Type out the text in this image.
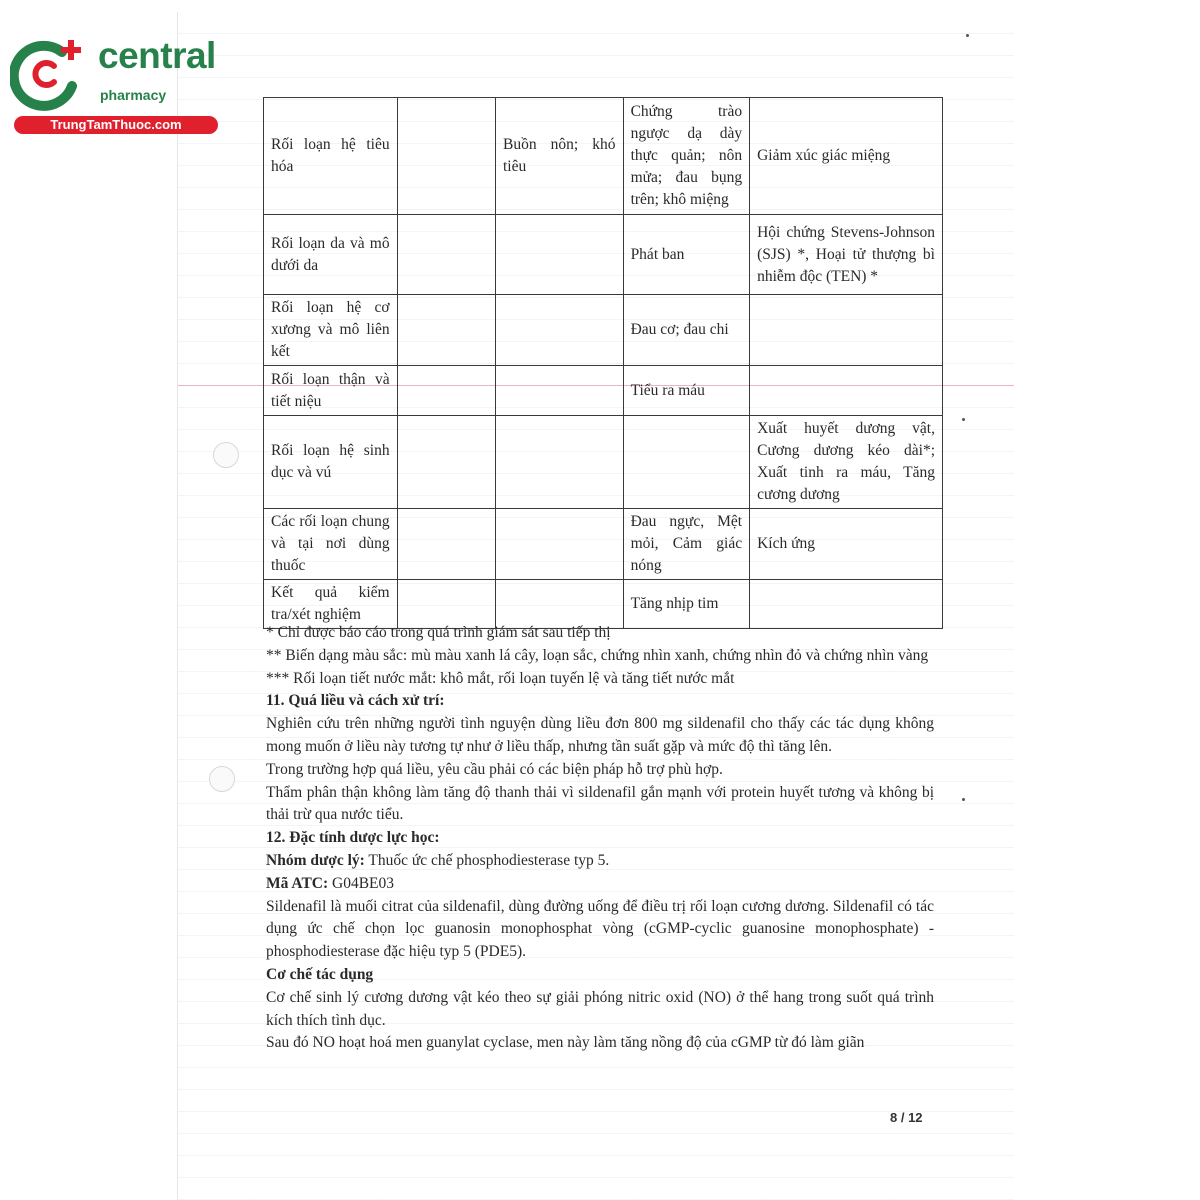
central
pharmacy
TrungTamThuoc.com
Rối loạn hệ tiêu hóa		Buồn nôn; khó tiêu	Chứng trào ngược dạ dày thực quản; nôn mửa; đau bụng trên; khô miệng	Giảm xúc giác miệng
Rối loạn da và mô dưới da			Phát ban	Hội chứng Stevens-Johnson (SJS) *, Hoại tử thượng bì nhiễm độc (TEN) *
Rối loạn hệ cơ xương và mô liên kết			Đau cơ; đau chi	
Rối loạn thận và tiết niệu			Tiểu ra máu	
Rối loạn hệ sinh dục và vú				Xuất huyết dương vật, Cương dương kéo dài*; Xuất tinh ra máu, Tăng cương dương
Các rối loạn chung và tại nơi dùng thuốc			Đau ngực, Mệt mỏi, Cảm giác nóng	Kích ứng
Kết quả kiểm tra/xét nghiệm			Tăng nhịp tim	

* Chỉ được báo cáo trong quá trình giám sát sau tiếp thị

** Biến dạng màu sắc: mù màu xanh lá cây, loạn sắc, chứng nhìn xanh, chứng nhìn đỏ và chứng nhìn vàng

*** Rối loạn tiết nước mắt: khô mắt, rối loạn tuyến lệ và tăng tiết nước mắt

11. Quá liều và cách xử trí:

Nghiên cứu trên những người tình nguyện dùng liều đơn 800 mg sildenafil cho thấy các tác dụng không mong muốn ở liều này tương tự như ở liều thấp, nhưng tần suất gặp và mức độ thì tăng lên.

Trong trường hợp quá liều, yêu cầu phải có các biện pháp hỗ trợ phù hợp.

Thẩm phân thận không làm tăng độ thanh thải vì sildenafil gắn mạnh với protein huyết tương và không bị thải trừ qua nước tiểu.

12. Đặc tính dược lực học:

Nhóm dược lý: Thuốc ức chế phosphodiesterase typ 5.

Mã ATC: G04BE03

Sildenafil là muối citrat của sildenafil, dùng đường uống để điều trị rối loạn cương dương. Sildenafil có tác dụng ức chế chọn lọc guanosin monophosphat vòng (cGMP-cyclic guanosine monophosphate) - phosphodiesterase đặc hiệu typ 5 (PDE5).

Cơ chế tác dụng

Cơ chế sinh lý cương dương vật kéo theo sự giải phóng nitric oxid (NO) ở thể hang trong suốt quá trình kích thích tình dục.

Sau đó NO hoạt hoá men guanylat cyclase, men này làm tăng nồng độ của cGMP từ đó làm giãn

8 / 12
